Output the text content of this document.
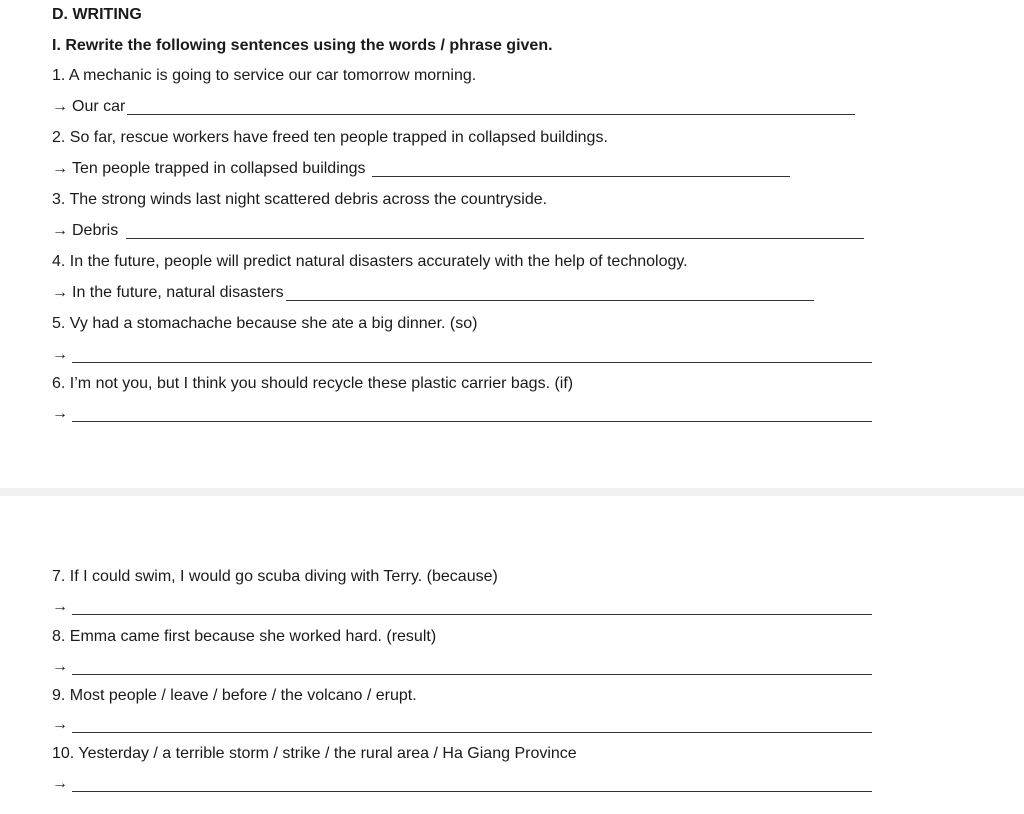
D. WRITING
I. Rewrite the following sentences using the words / phrase given.
1. A mechanic is going to service our car tomorrow morning.
→ Our car
2. So far, rescue workers have freed ten people trapped in collapsed buildings.
→ Ten people trapped in collapsed buildings
3. The strong winds last night scattered debris across the countryside.
→ Debris
4. In the future, people will predict natural disasters accurately with the help of technology.
→ In the future, natural disasters
5. Vy had a stomachache because she ate a big dinner. (so)
→
6. I’m not you, but I think you should recycle these plastic carrier bags. (if)
→
7. If I could swim, I would go scuba diving with Terry. (because)
→
8. Emma came first because she worked hard. (result)
→
9. Most people / leave / before / the volcano / erupt.
→
10. Yesterday / a terrible storm / strike / the rural area / Ha Giang Province
→
